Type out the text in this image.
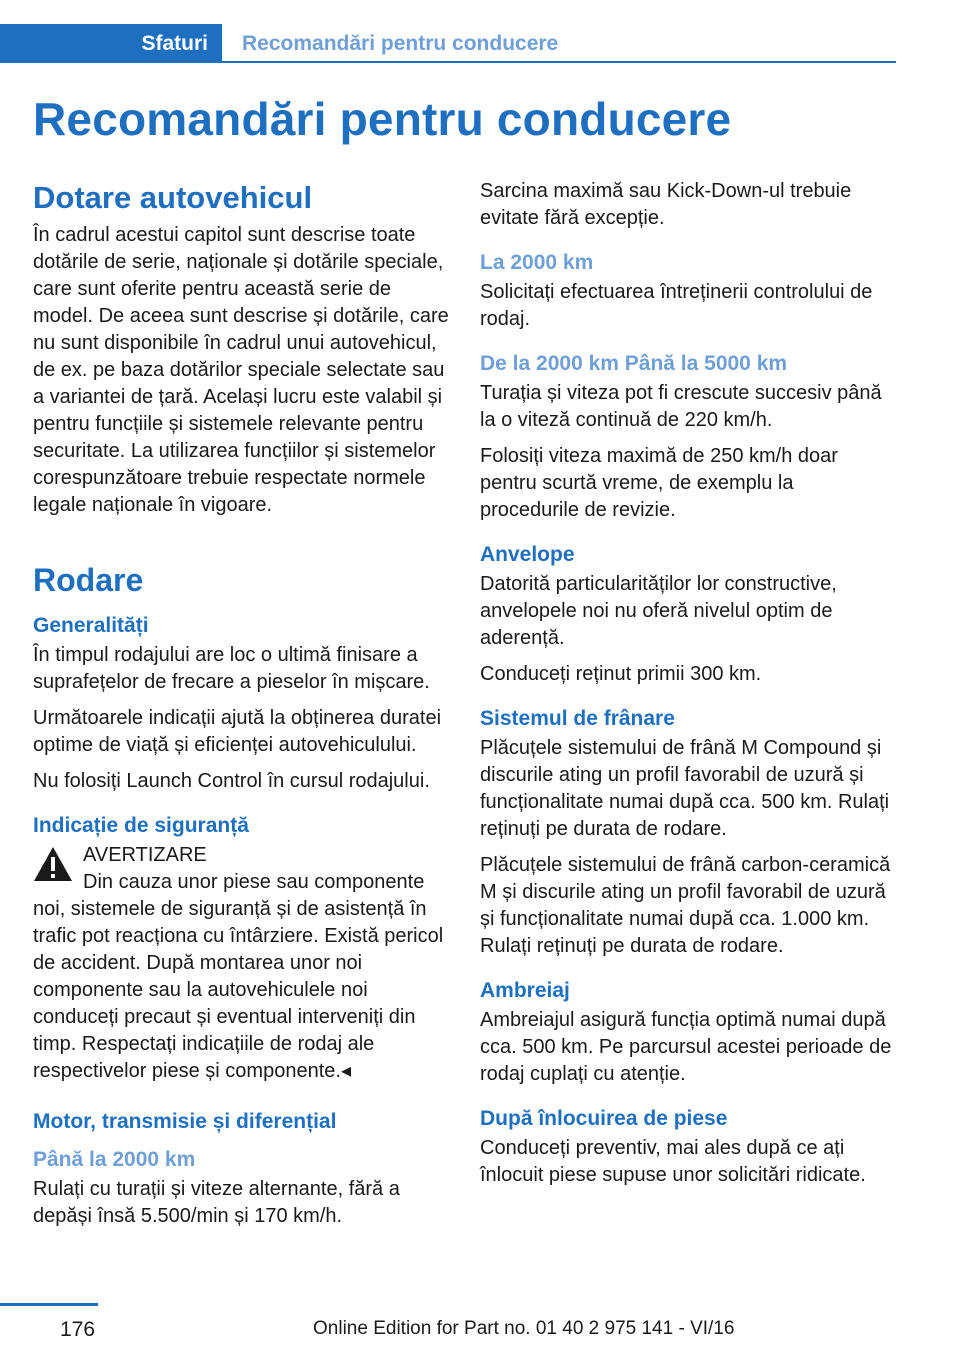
Sfaturi	Recomandări pentru conducere
Recomandări pentru conducere
Dotare autovehicul

În cadrul acestui capitol sunt descrise toate dotările de serie, naționale și dotările speciale, care sunt oferite pentru această serie de model. De aceea sunt descrise și dotările, care nu sunt disponibile în cadrul unui autovehicul, de ex. pe baza dotărilor speciale selectate sau a variantei de țară. Același lucru este valabil și pentru funcțiile și sistemele relevante pentru securitate. La utilizarea funcțiilor și sistemelor corespunzătoare trebuie respectate normele legale naționale în vigoare.

Rodare
Generalități

În timpul rodajului are loc o ultimă finisare a suprafețelor de frecare a pieselor în mișcare.

Următoarele indicații ajută la obținerea duratei optime de viață și eficienței autovehiculului.

Nu folosiți Launch Control în cursul rodajului.

Indicație de siguranță
AVERTIZARE
Din cauza unor piese sau componente

noi, sistemele de siguranță și de asistență în trafic pot reacționa cu întârziere. Există pericol de accident. După montarea unor noi componente sau la autovehiculele noi conduceți precaut și eventual interveniți din timp. Respectați indicațiile de rodaj ale respectivelor piese și componente.◂

Motor, transmisie și diferențial
Până la 2000 km

Rulați cu turații și viteze alternante, fără a depăși însă 5.500/min și 170 km/h.

Sarcina maximă sau Kick-Down-ul trebuie evitate fără excepție.

La 2000 km

Solicitați efectuarea întreținerii controlului de rodaj.

De la 2000 km Până la 5000 km

Turația și viteza pot fi crescute succesiv până la o viteză continuă de 220 km/h.

Folosiți viteza maximă de 250 km/h doar pentru scurtă vreme, de exemplu la procedurile de revizie.

Anvelope

Datorită particularităților lor constructive, anvelopele noi nu oferă nivelul optim de aderență.

Conduceți reținut primii 300 km.

Sistemul de frânare

Plăcuțele sistemului de frână M Compound și discurile ating un profil favorabil de uzură și funcționalitate numai după cca. 500 km. Rulați reținuți pe durata de rodare.

Plăcuțele sistemului de frână carbon-ceramică M și discurile ating un profil favorabil de uzură și funcționalitate numai după cca. 1.000 km. Rulați reținuți pe durata de rodare.

Ambreiaj

Ambreiajul asigură funcția optimă numai după cca. 500 km. Pe parcursul acestei perioade de rodaj cuplați cu atenție.

După înlocuirea de piese

Conduceți preventiv, mai ales după ce ați înlocuit piese supuse unor solicitări ridicate.

176	Online Edition for Part no. 01 40 2 975 141 - VI/16
